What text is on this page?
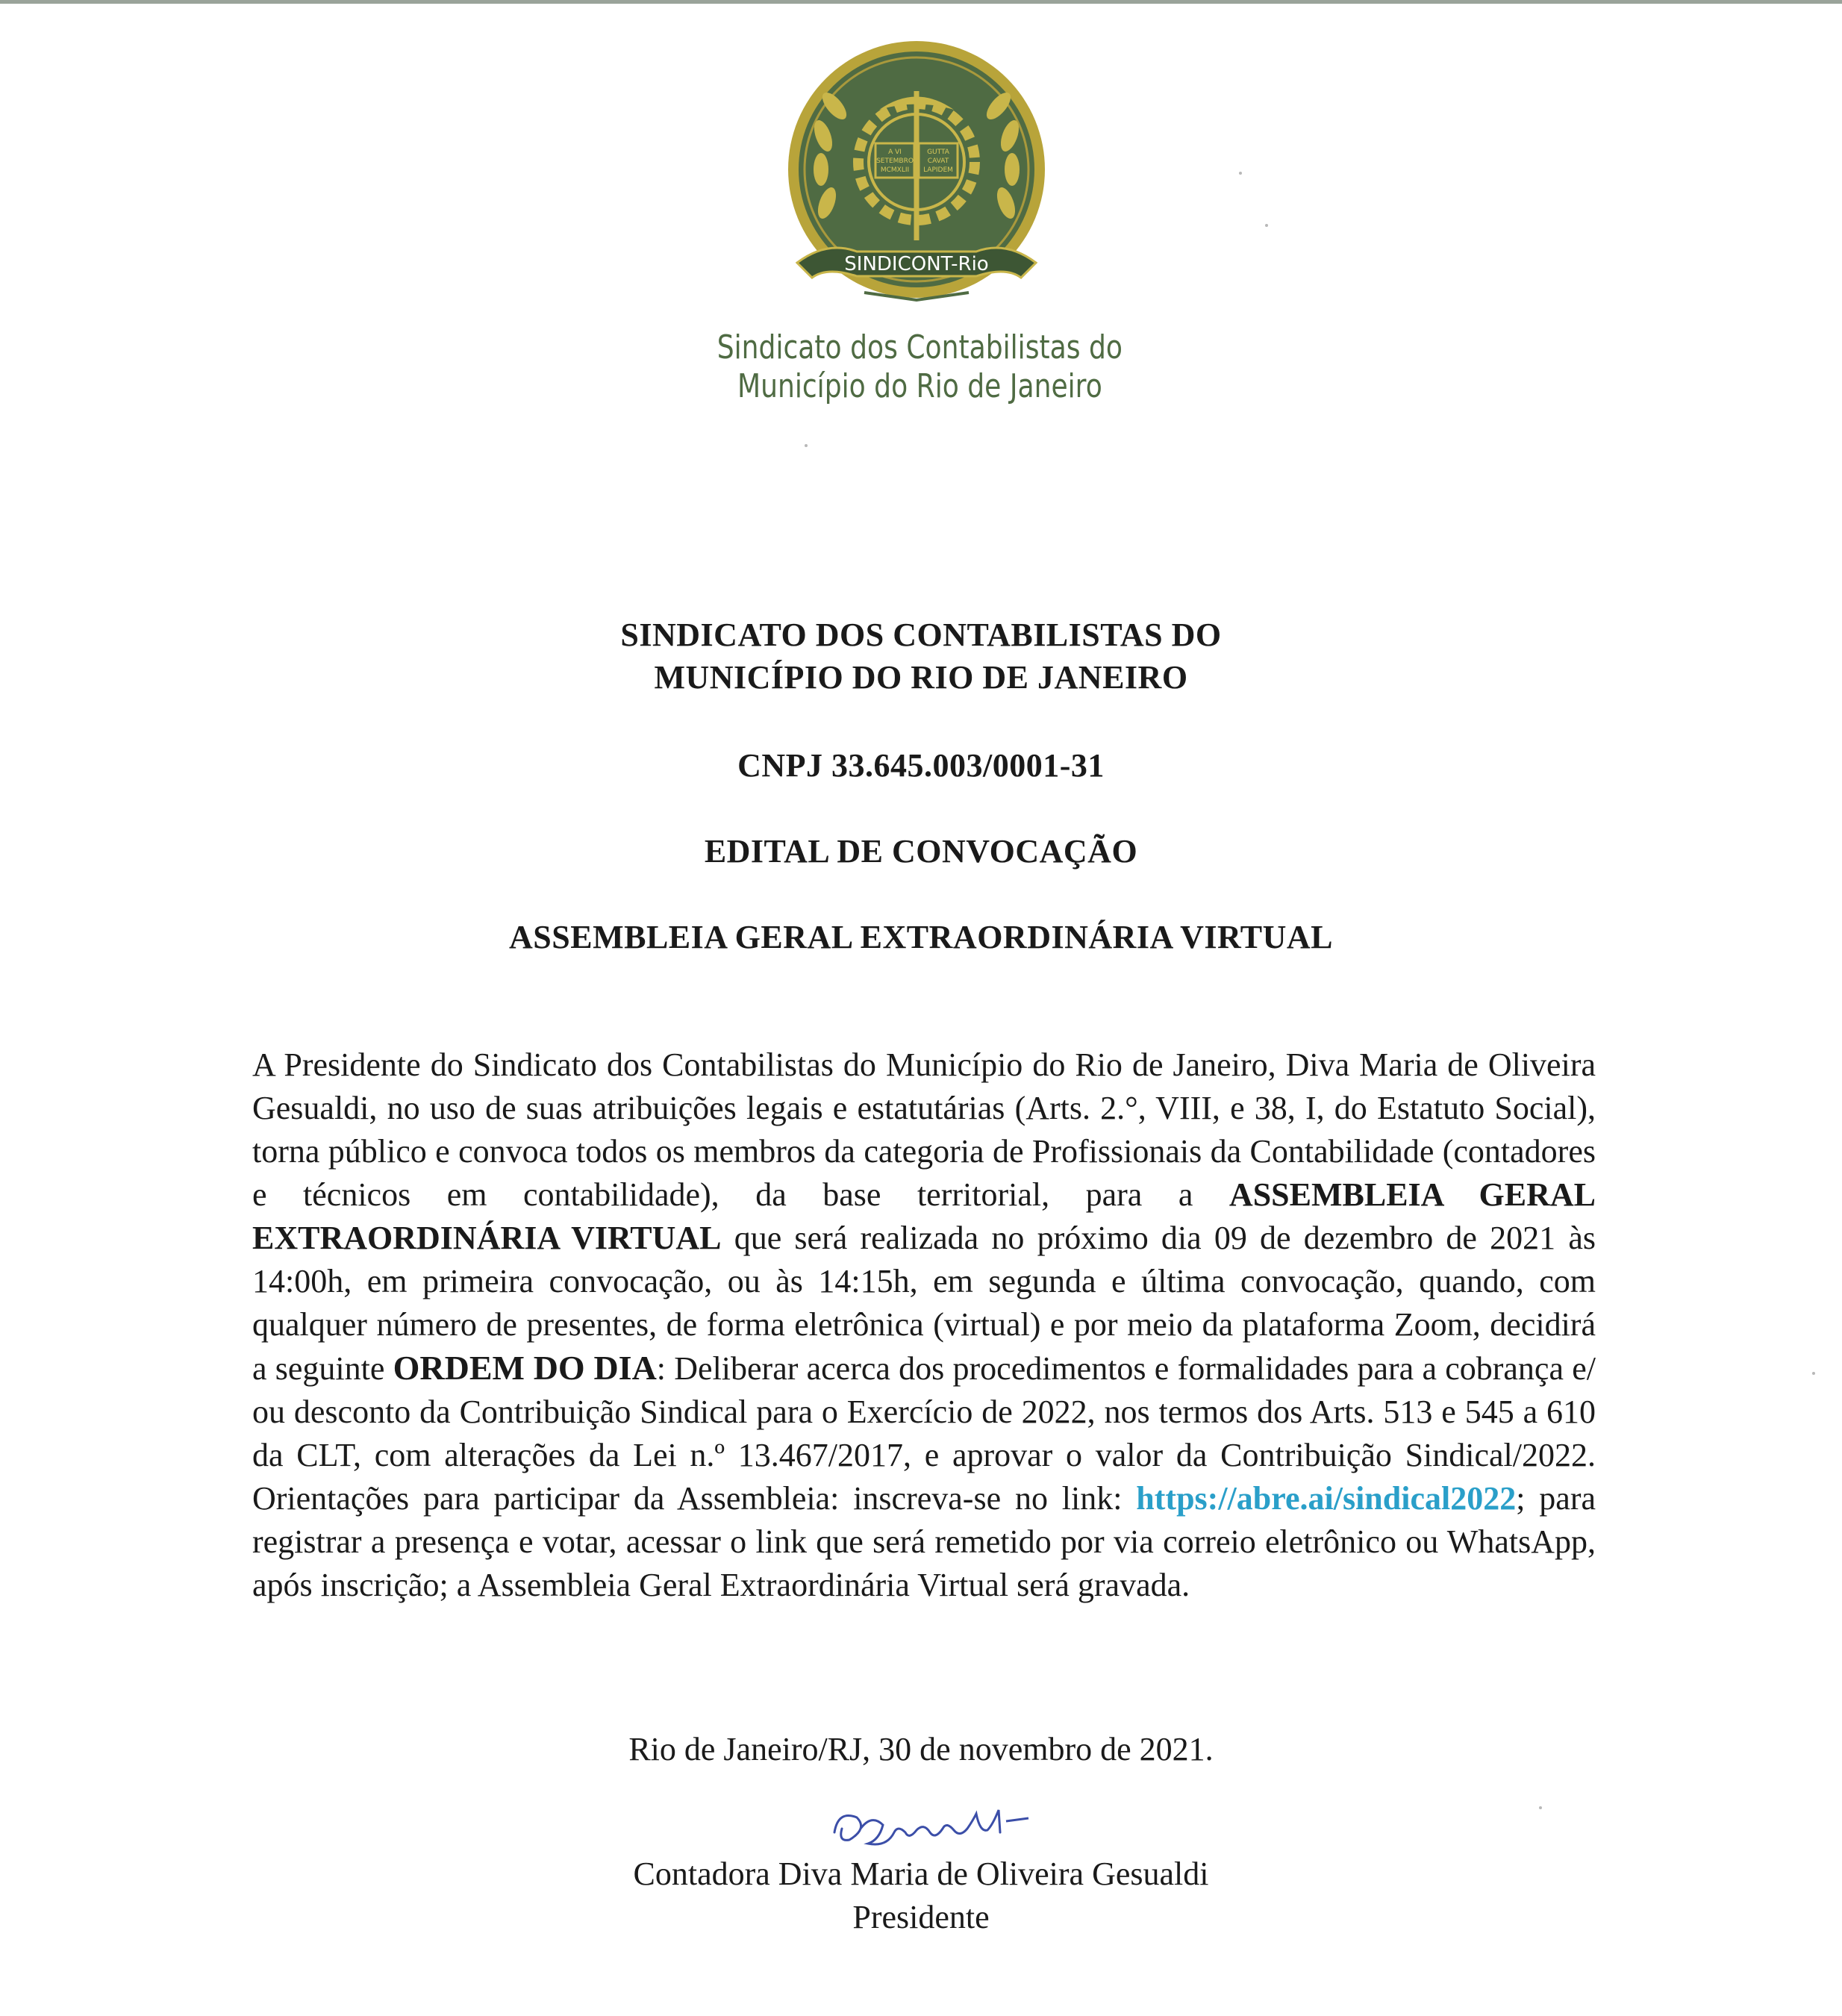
A VI
SETEMBRO
MCMXLII
GUTTA
CAVAT
LAPIDEM
SINDICONT-Rio
Sindicato dos Contabilistas do
Município do Rio de Janeiro
SINDICATO DOS CONTABILISTAS DO
MUNICÍPIO DO RIO DE JANEIRO
CNPJ 33.645.003/0001-31
EDITAL DE CONVOCAÇÃO
ASSEMBLEIA GERAL EXTRAORDINÁRIA VIRTUAL
A Presidente do Sindicato dos Contabilistas do Município do Rio de Janeiro, Diva Maria de Oliveira Gesualdi, no uso de suas atribuições legais e estatutárias (Arts. 2.°, VIII, e 38, I, do Estatuto Social), torna público e convoca todos os membros da categoria de Profissionais da Contabilidade (contadores e técnicos em contabilidade), da base territorial, para a ASSEMBLEIA GERAL EXTRAORDINÁRIA VIRTUAL que será realizada no próximo dia 09 de dezembro de 2021 às 14:00h, em primeira convocação, ou às 14:15h, em segunda e última convocação, quando, com qualquer número de presentes, de forma eletrônica (virtual) e por meio da plataforma Zoom, decidirá a seguinte ORDEM DO DIA: Deliberar acerca dos procedimentos e formalidades para a cobrança e/ ou desconto da Contribuição Sindical para o Exercício de 2022, nos termos dos Arts. 513 e 545 a 610 da CLT, com alterações da Lei n.º 13.467/2017, e aprovar o valor da Contribuição Sindical/2022. Orientações para participar da Assembleia: inscreva-se no link: https://abre.ai/sindical2022; para registrar a presença e votar, acessar o link que será remetido por via correio eletrônico ou WhatsApp, após inscrição; a Assembleia Geral Extraordinária Virtual será gravada.
Rio de Janeiro/RJ, 30 de novembro de 2021.
Contadora Diva Maria de Oliveira Gesualdi
Presidente
